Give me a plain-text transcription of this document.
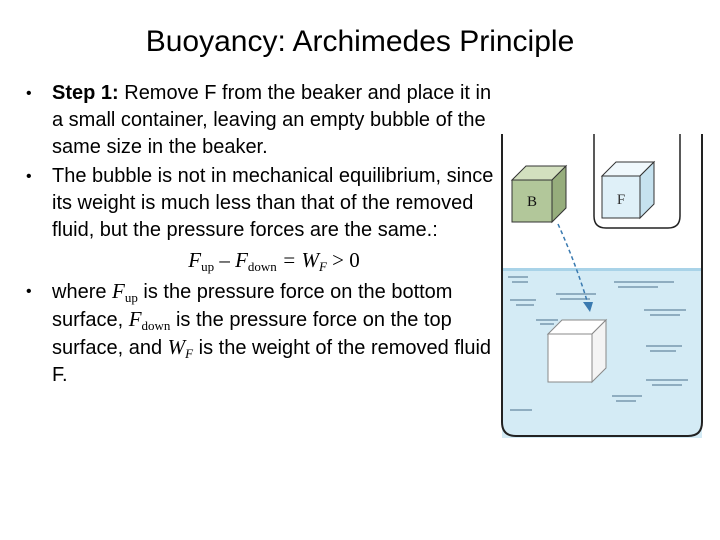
Buoyancy: Archimedes Principle
•	Step 1: Remove F from the beaker and place it in a small container, leaving an empty bubble of the same size in the beaker.
•	The bubble is not in mechanical equilibrium, since its weight is much less than that of the removed fluid, but the pressure forces are the same.:
$F_{up} - F_{down} = W_F > 0$
•	where $F_{up}$ is the pressure force on the bottom surface, $F_{down}$ is the pressure force on the top surface, and $W_F$ is the weight of the removed fluid F.
B	F
